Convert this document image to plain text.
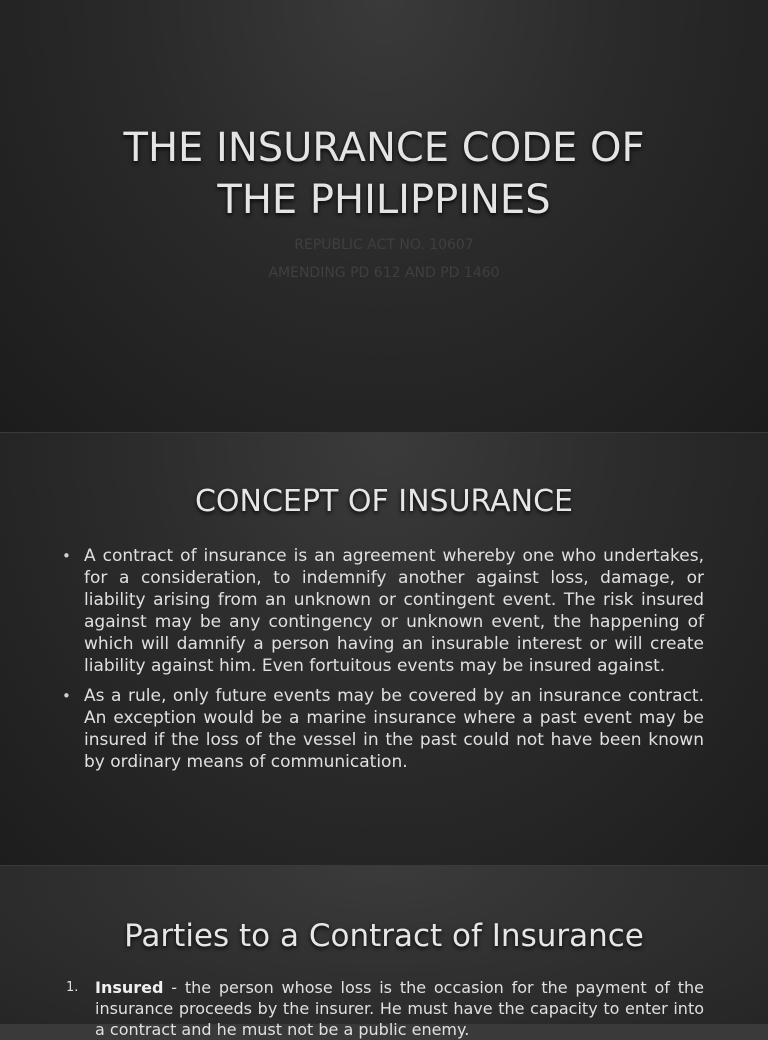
THE INSURANCE CODE OF
THE PHILIPPINES
REPUBLIC ACT NO. 10607
AMENDING PD 612 AND PD 1460
CONCEPT OF INSURANCE
• A contract of insurance is an agreement whereby one who undertakes, for a consideration, to indemnify another against loss, damage, or liability arising from an unknown or contingent event. The risk insured against may be any contingency or unknown event, the happening of which will damnify a person having an insurable interest or will create liability against him. Even fortuitous events may be insured against.
• As a rule, only future events may be covered by an insurance contract. An exception would be a marine insurance where a past event may be insured if the loss of the vessel in the past could not have been known by ordinary means of communication.
Parties to a Contract of Insurance
1. Insured - the person whose loss is the occasion for the payment of the insurance proceeds by the insurer. He must have the capacity to enter into a contract and he must not be a public enemy.
